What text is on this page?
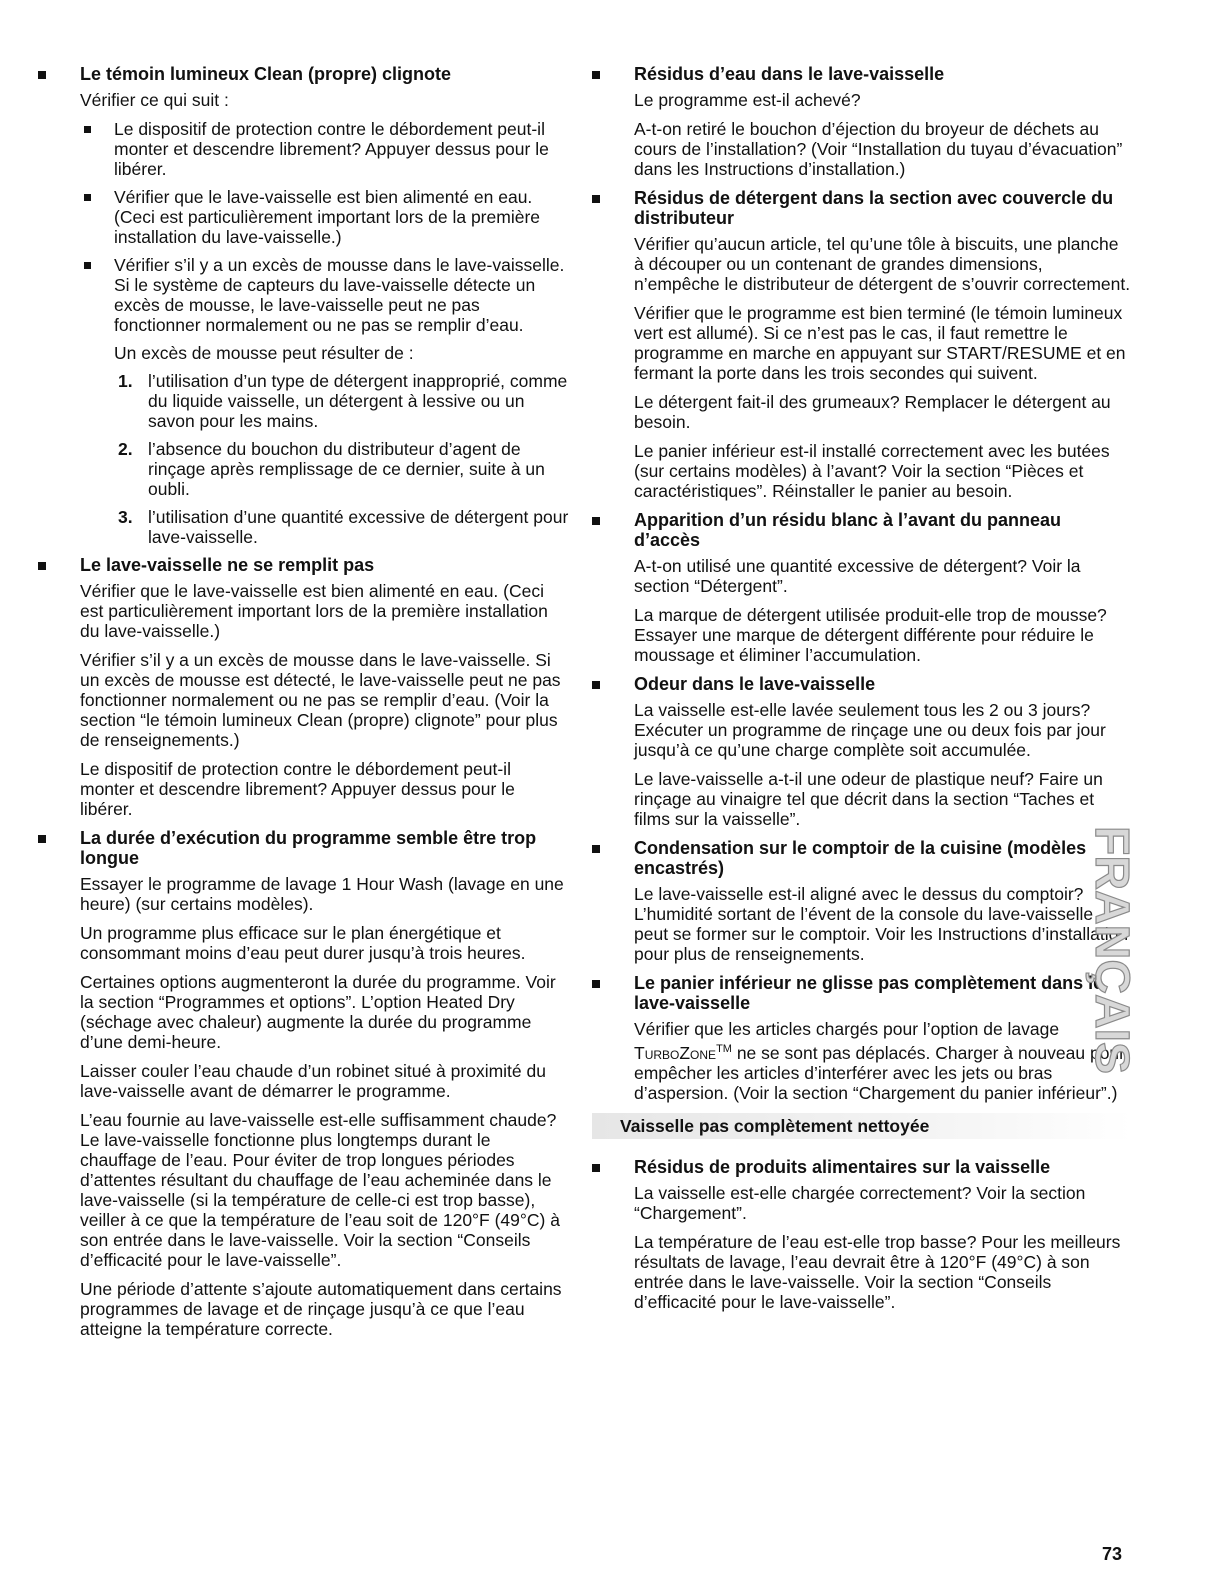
Le témoin lumineux Clean (propre) clignote

Vérifier ce qui suit :

Le dispositif de protection contre le débordement peut-il monter et descendre librement? Appuyer dessus pour le libérer.

Vérifier que le lave-vaisselle est bien alimenté en eau. (Ceci est particulièrement important lors de la première installation du lave-vaisselle.)

Vérifier s’il y a un excès de mousse dans le lave-vaisselle. Si le système de capteurs du lave-vaisselle détecte un excès de mousse, le lave-vaisselle peut ne pas fonctionner normalement ou ne pas se remplir d’eau.

Un excès de mousse peut résulter de :

1. l’utilisation d’un type de détergent inapproprié, comme du liquide vaisselle, un détergent à lessive ou un savon pour les mains.
2. l’absence du bouchon du distributeur d’agent de rinçage après remplissage de ce dernier, suite à un oubli.
3. l’utilisation d’une quantité excessive de détergent pour lave-vaisselle.
Le lave-vaisselle ne se remplit pas

Vérifier que le lave-vaisselle est bien alimenté en eau. (Ceci est particulièrement important lors de la première installation du lave-vaisselle.)

Vérifier s’il y a un excès de mousse dans le lave-vaisselle. Si un excès de mousse est détecté, le lave-vaisselle peut ne pas fonctionner normalement ou ne pas se remplir d’eau. (Voir la section “le témoin lumineux Clean (propre) clignote” pour plus de renseignements.)

Le dispositif de protection contre le débordement peut-il monter et descendre librement? Appuyer dessus pour le libérer.

La durée d’exécution du programme semble être trop longue

Essayer le programme de lavage 1 Hour Wash (lavage en une heure) (sur certains modèles).

Un programme plus efficace sur le plan énergétique et consommant moins d’eau peut durer jusqu’à trois heures.

Certaines options augmenteront la durée du programme. Voir la section “Programmes et options”. L’option Heated Dry (séchage avec chaleur) augmente la durée du programme d’une demi-heure.

Laisser couler l’eau chaude d’un robinet situé à proximité du lave-vaisselle avant de démarrer le programme.

L’eau fournie au lave-vaisselle est-elle suffisamment chaude? Le lave-vaisselle fonctionne plus longtemps durant le chauffage de l’eau. Pour éviter de trop longues périodes d’attentes résultant du chauffage de l’eau acheminée dans le lave-vaisselle (si la température de celle-ci est trop basse), veiller à ce que la température de l’eau soit de 120°F (49°C) à son entrée dans le lave-vaisselle. Voir la section “Conseils d’efficacité pour le lave-vaisselle”.

Une période d’attente s’ajoute automatiquement dans certains programmes de lavage et de rinçage jusqu’à ce que l’eau atteigne la température correcte.

Résidus d’eau dans le lave-vaisselle

Le programme est-il achevé?

A-t-on retiré le bouchon d’éjection du broyeur de déchets au cours de l’installation? (Voir “Installation du tuyau d’évacuation” dans les Instructions d’installation.)

Résidus de détergent dans la section avec couvercle du distributeur

Vérifier qu’aucun article, tel qu’une tôle à biscuits, une planche à découper ou un contenant de grandes dimensions, n’empêche le distributeur de détergent de s’ouvrir correctement.

Vérifier que le programme est bien terminé (le témoin lumineux vert est allumé). Si ce n’est pas le cas, il faut remettre le programme en marche en appuyant sur START/RESUME et en fermant la porte dans les trois secondes qui suivent.

Le détergent fait-il des grumeaux? Remplacer le détergent au besoin.

Le panier inférieur est-il installé correctement avec les butées (sur certains modèles) à l’avant? Voir la section “Pièces et caractéristiques”. Réinstaller le panier au besoin.

Apparition d’un résidu blanc à l’avant du panneau d’accès

A-t-on utilisé une quantité excessive de détergent? Voir la section “Détergent”.

La marque de détergent utilisée produit-elle trop de mousse? Essayer une marque de détergent différente pour réduire le moussage et éliminer l’accumulation.

Odeur dans le lave-vaisselle

La vaisselle est-elle lavée seulement tous les 2 ou 3 jours? Exécuter un programme de rinçage une ou deux fois par jour jusqu’à ce qu’une charge complète soit accumulée.

Le lave-vaisselle a-t-il une odeur de plastique neuf? Faire un rinçage au vinaigre tel que décrit dans la section “Taches et films sur la vaisselle”.

Condensation sur le comptoir de la cuisine (modèles encastrés)

Le lave-vaisselle est-il aligné avec le dessus du comptoir? L’humidité sortant de l’évent de la console du lave-vaisselle peut se former sur le comptoir. Voir les Instructions d’installation pour plus de renseignements.

Le panier inférieur ne glisse pas complètement dans le lave-vaisselle

Vérifier que les articles chargés pour l’option de lavage TurboZone™ ne se sont pas déplacés. Charger à nouveau pour empêcher les articles d’interférer avec les jets ou bras d’aspersion. (Voir la section “Chargement du panier inférieur”.)

Vaisselle pas complètement nettoyée
Résidus de produits alimentaires sur la vaisselle

La vaisselle est-elle chargée correctement? Voir la section “Chargement”.

La température de l’eau est-elle trop basse? Pour les meilleurs résultats de lavage, l’eau devrait être à 120°F (49°C) à son entrée dans le lave-vaisselle. Voir la section “Conseils d’efficacité pour le lave-vaisselle”.

FRANÇAIS
73
